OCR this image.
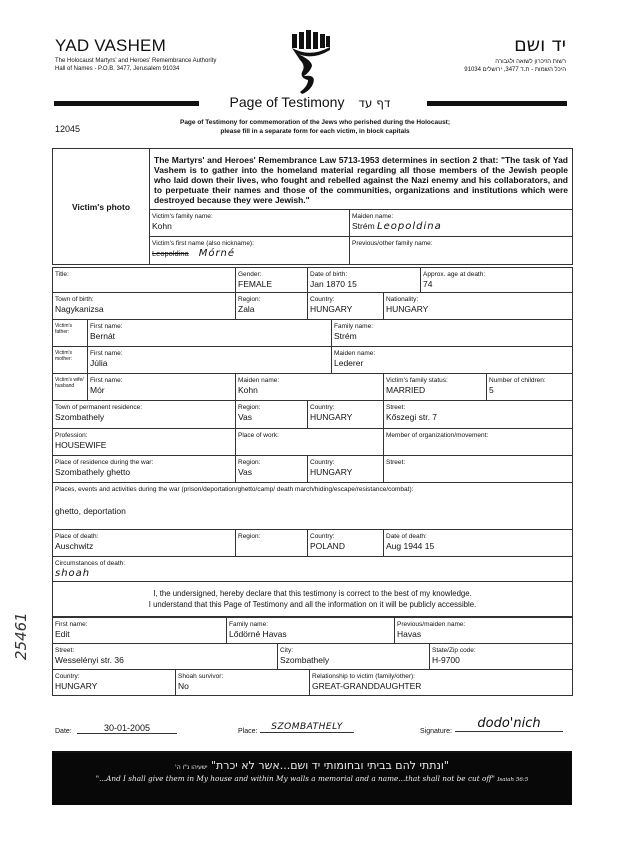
YAD VASHEM
The Holocaust Martyrs' and Heroes' Remembrance Authority
Hall of Names - P.O.B. 3477, Jerusalem 91034
יד ושם
רשות הזיכרון לשואה ולגבורה
היכל השמות - ת.ד 3477, ירושלים 91034
Page of Testimony דף עד
12045
Page of Testimony for commemoration of the Jews who perished during the Holocaust;
please fill in a separate form for each victim, in block capitals
Victim's photo	The Martyrs' and Heroes' Remembrance Law 5713-1953 determines in section 2 that: "The task of Yad Vashem is to gather into the homeland material regarding all those members of the Jewish people who laid down their lives, who fought and rebelled against the Nazi enemy and his collaborators, and to perpetuate their names and those of the communities, organizations and institutions which were destroyed because they were Jewish."	

	Victim's family name:
Kohn	Maiden name:
Strém Leopoldina

	Victim's first name (also nickname):
Leopoldina Mórné	Previous/other family name:
Title:	Gender:
FEMALE

Date of birth:
Jan 1870 15

Approx. age at death:
74
Town of birth:
Nagykanizsa

Region:
Zala

Country:
HUNGARY

Nationality:
HUNGARY
Victim's father:	First name:
Bernát	Family name:
Strém

Victim's mother:	First name:
Júlia	Maiden name:
Lederer
Victim's wife/ husband

First name:
Mór

Maiden name:
Kohn

Victim's family status:
MARRIED

Number of children:
5
Town of permanent residence:
Szombathely	Region:
Vas	Country:
HUNGARY	Street:
Kőszegi str. 7

Profession:
HOUSEWIFE	Place of work:		Member of organization/movement:

Place of residence during the war:
Szombathely ghetto	Region:
Vas	Country:
HUNGARY	Street:

Places, events and activities during the war (prison/deportation/ghetto/camp/ death march/hiding/escape/resistance/combat):
ghetto, deportation			

Place of death:
Auschwitz	Region:	Country:
POLAND	Date of death:
Aug 1944 15

Circumstances of death:
shoah			

I, the undersigned, hereby declare that this testimony is correct to the best of my knowledge.
I understand that this Page of Testimony and all the information on it will be publicly accessible.			
First name:
Edit

Family name:
Lődörné Havas

Previous/maiden name:
Havas
Street:
Wesselényi str. 36

City:
Szombathely

State/Zip code:
H-9700
Country:
HUNGARY

Shoah survivor:
No

Relationship to victim (family/other):
GREAT-GRANDDAUGHTER
25461
Date:	30-01-2005	Place:	SZOMBATHELY	Signature:
dodo'nich
"ונתתי להם בביתי ובחומותי יד ושם...אשר לא יכרת" ישעיהו נ"ו ה'
"...And I shall give them in My house and within My walls a memorial and a name...that shall not be cut off" Isaiah 56:5
